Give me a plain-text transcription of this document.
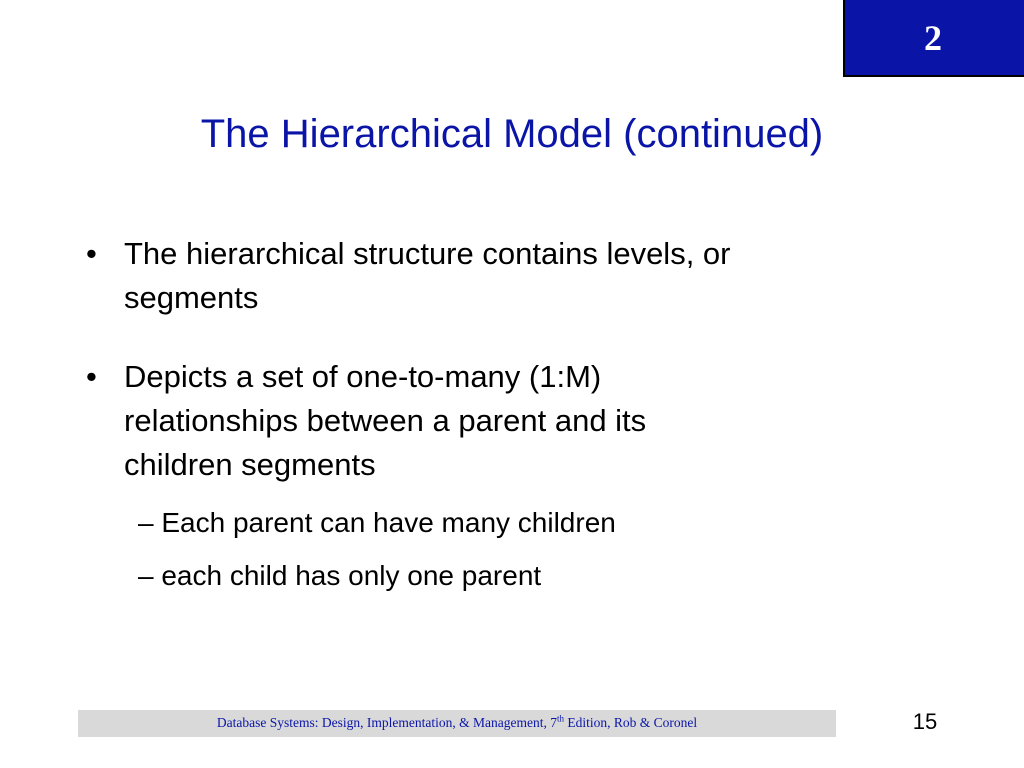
2
The Hierarchical Model (continued)
• The hierarchical structure contains levels, or
segments
• Depicts a set of one-to-many (1:M)
relationships between a parent and its
children segments
– Each parent can have many children
– each child has only one parent
Database Systems: Design, Implementation, & Management, 7th Edition, Rob & Coronel	15
